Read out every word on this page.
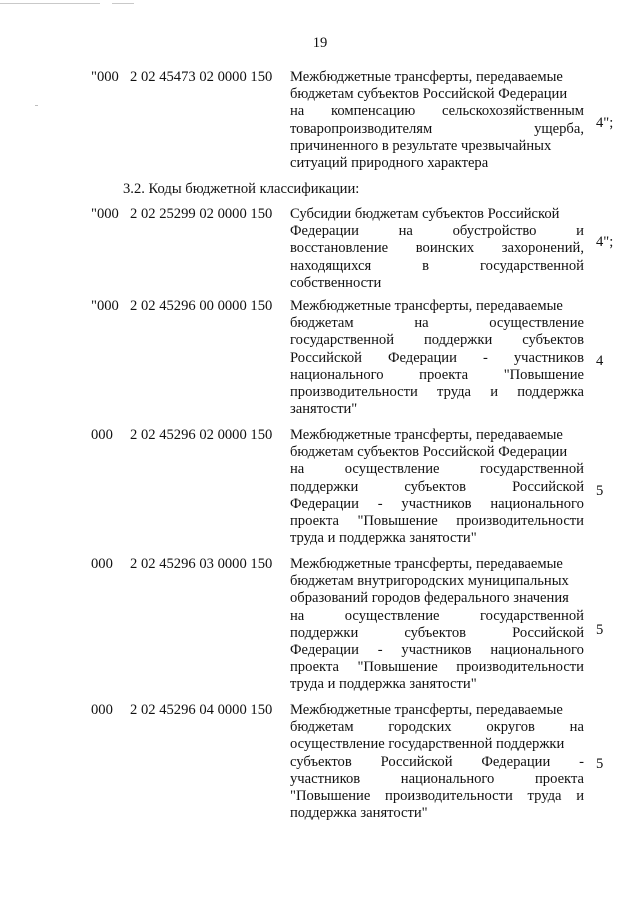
19
"000 2 02 45473 02 0000 150 Межбюджетные трансферты, передаваемые
бюджетам субъектов Российской Федерации
на компенсацию сельскохозяйственным
товаропроизводителям	ущерба,
причиненного в результате чрезвычайных
ситуаций природного характера
4";
3.2. Коды бюджетной классификации:
"000 2 02 25299 02 0000 150 Субсидии бюджетам субъектов Российской
Федерации	на	обустройство	и
восстановление воинских захоронений,
находящихся	в	государственной
собственности
4";
"000 2 02 45296 00 0000 150 Межбюджетные трансферты, передаваемые
бюджетам	на	осуществление
государственной поддержки субъектов
Российской Федерации - участников
национального проекта "Повышение
производительности труда и поддержка
занятости"
4
000 2 02 45296 02 0000 150 Межбюджетные трансферты, передаваемые
бюджетам субъектов Российской Федерации
на	осуществление	государственной
поддержки	субъектов	Российской
Федерации - участников национального
проекта "Повышение производительности
труда и поддержка занятости"
5
000 2 02 45296 03 0000 150 Межбюджетные трансферты, передаваемые
бюджетам внутригородских муниципальных
образований городов федерального значения
на	осуществление	государственной
поддержки	субъектов	Российской
Федерации - участников национального
проекта "Повышение производительности
труда и поддержка занятости"
5
000 2 02 45296 04 0000 150 Межбюджетные трансферты, передаваемые
бюджетам городских округов на
осуществление государственной поддержки
субъектов Российской Федерации -
участников	национального	проекта
"Повышение производительности труда и
поддержка занятости"
5
